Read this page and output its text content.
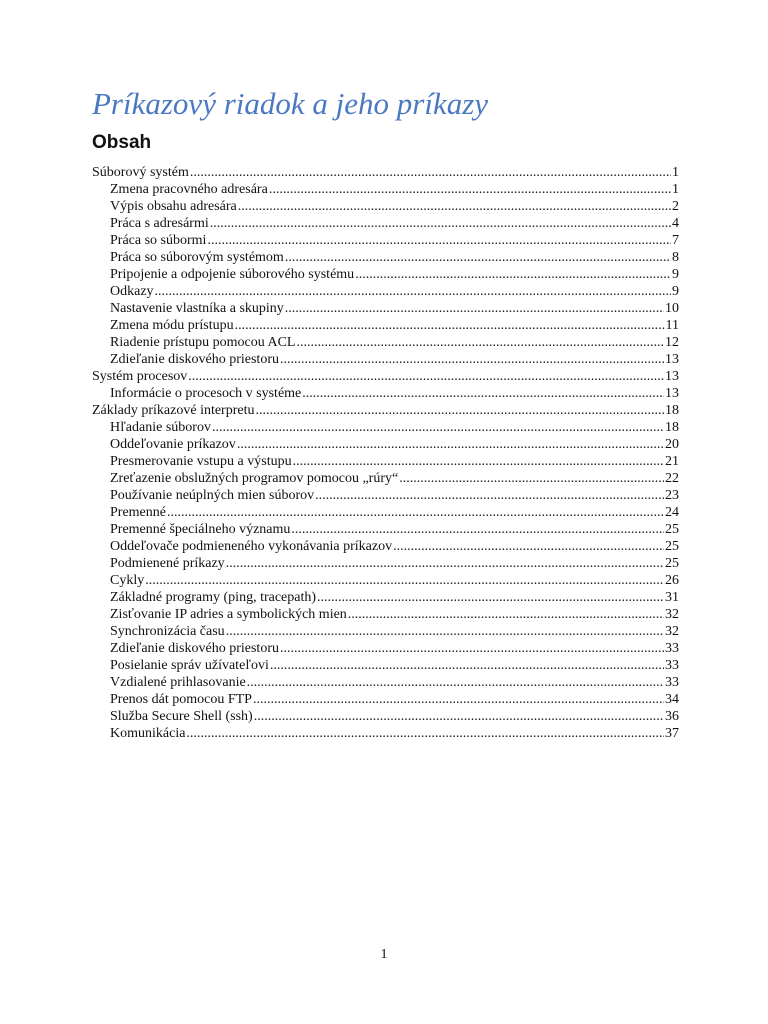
Príkazový riadok a jeho príkazy
Obsah
Súborový systém .....	1
Zmena pracovného adresára .....	1
Výpis obsahu adresára .....	2
Práca s adresármi .....	4
Práca so súbormi .....	7
Práca so súborovým systémom .....	8
Pripojenie a odpojenie súborového systému .....	9
Odkazy .....	9
Nastavenie vlastníka a skupiny .....	10
Zmena módu prístupu .....	11
Riadenie prístupu pomocou ACL .....	12
Zdieľanie diskového priestoru .....	13
Systém procesov .....	13
Informácie o procesoch v systéme .....	13
Základy príkazové interpretu .....	18
Hľadanie súborov .....	18
Oddeľovanie príkazov .....	20
Presmerovanie vstupu a výstupu .....	21
Zreťazenie obslužných programov pomocou „rúry“ .....	22
Používanie neúplných mien súborov .....	23
Premenné .....	24
Premenné špeciálneho významu .....	25
Oddeľovače podmieneného vykonávania príkazov .....	25
Podmienené príkazy .....	25
Cykly .....	26
Základné programy (ping, tracepath) .....	31
Zisťovanie IP adries a symbolických mien .....	32
Synchronizácia času .....	32
Zdieľanie diskového priestoru .....	33
Posielanie správ užívateľovi .....	33
Vzdialené prihlasovanie .....	33
Prenos dát pomocou FTP .....	34
Služba Secure Shell (ssh) .....	36
Komunikácia .....	37
1
